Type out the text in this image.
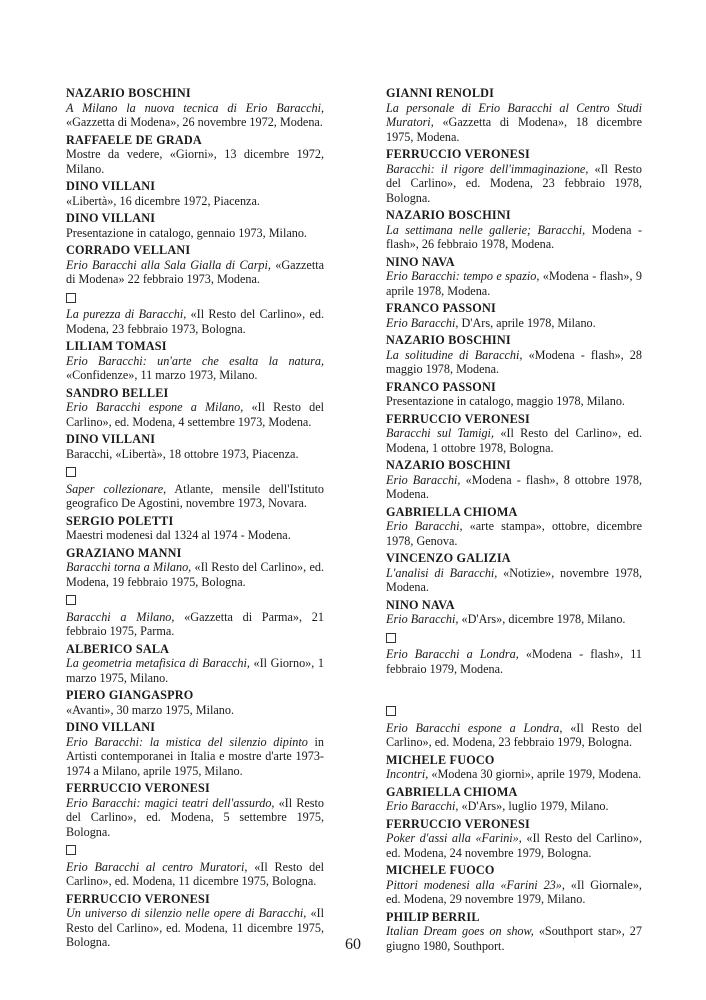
NAZARIO BOSCHINI
A Milano la nuova tecnica di Erio Baracchi, «Gazzetta di Modena», 26 novembre 1972, Modena.
RAFFAELE DE GRADA
Mostre da vedere, «Giorni», 13 dicembre 1972, Milano.
DINO VILLANI
«Libertà», 16 dicembre 1972, Piacenza.
DINO VILLANI
Presentazione in catalogo, gennaio 1973, Milano.
CORRADO VELLANI
Erio Baracchi alla Sala Gialla di Carpi, «Gazzetta di Modena» 22 febbraio 1973, Modena.
La purezza di Baracchi, «Il Resto del Carlino», ed. Modena, 23 febbraio 1973, Bologna.
LILIAM TOMASI
Erio Baracchi: un'arte che esalta la natura, «Confidenze», 11 marzo 1973, Milano.
SANDRO BELLEI
Erio Baracchi espone a Milano, «Il Resto del Carlino», ed. Modena, 4 settembre 1973, Modena.
DINO VILLANI
Baracchi, «Libertà», 18 ottobre 1973, Piacenza.
Saper collezionare, Atlante, mensile dell'Istituto geografico De Agostini, novembre 1973, Novara.
SERGIO POLETTI
Maestri modenesi dal 1324 al 1974 - Modena.
GRAZIANO MANNI
Baracchi torna a Milano, «Il Resto del Carlino», ed. Modena, 19 febbraio 1975, Bologna.
Baracchi a Milano, «Gazzetta di Parma», 21 febbraio 1975, Parma.
ALBERICO SALA
La geometria metafisica di Baracchi, «Il Giorno», 1 marzo 1975, Milano.
PIERO GIANGASPRO
«Avanti», 30 marzo 1975, Milano.
DINO VILLANI
Erio Baracchi: la mistica del silenzio dipinto in Artisti contemporanei in Italia e mostre d'arte 1973-1974 a Milano, aprile 1975, Milano.
FERRUCCIO VERONESI
Erio Baracchi: magici teatri dell'assurdo, «Il Resto del Carlino», ed. Modena, 5 settembre 1975, Bologna.
Erio Baracchi al centro Muratori, «Il Resto del Carlino», ed. Modena, 11 dicembre 1975, Bologna.
FERRUCCIO VERONESI
Un universo di silenzio nelle opere di Baracchi, «Il Resto del Carlino», ed. Modena, 11 dicembre 1975, Bologna.
GIANNI RENOLDI
La personale di Erio Baracchi al Centro Studi Muratori, «Gazzetta di Modena», 18 dicembre 1975, Modena.
FERRUCCIO VERONESI
Baracchi: il rigore dell'immaginazione, «Il Resto del Carlino», ed. Modena, 23 febbraio 1978, Bologna.
NAZARIO BOSCHINI
La settimana nelle gallerie; Baracchi, Modena - flash», 26 febbraio 1978, Modena.
NINO NAVA
Erio Baracchi: tempo e spazio, «Modena - flash», 9 aprile 1978, Modena.
FRANCO PASSONI
Erio Baracchi, D'Ars, aprile 1978, Milano.
NAZARIO BOSCHINI
La solitudine di Baracchi, «Modena - flash», 28 maggio 1978, Modena.
FRANCO PASSONI
Presentazione in catalogo, maggio 1978, Milano.
FERRUCCIO VERONESI
Baracchi sul Tamigi, «Il Resto del Carlino», ed. Modena, 1 ottobre 1978, Bologna.
NAZARIO BOSCHINI
Erio Baracchi, «Modena - flash», 8 ottobre 1978, Modena.
GABRIELLA CHIOMA
Erio Baracchi, «arte stampa», ottobre, dicembre 1978, Genova.
VINCENZO GALIZIA
L'analisi di Baracchi, «Notizie», novembre 1978, Modena.
NINO NAVA
Erio Baracchi, «D'Ars», dicembre 1978, Milano.
Erio Baracchi a Londra, «Modena - flash», 11 febbraio 1979, Modena.
Erio Baracchi espone a Londra, «Il Resto del Carlino», ed. Modena, 23 febbraio 1979, Bologna.
MICHELE FUOCO
Incontri, «Modena 30 giorni», aprile 1979, Modena.
GABRIELLA CHIOMA
Erio Baracchi, «D'Ars», luglio 1979, Milano.
FERRUCCIO VERONESI
Poker d'assi alla «Farini», «Il Resto del Carlino», ed. Modena, 24 novembre 1979, Bologna.
MICHELE FUOCO
Pittori modenesi alla «Farini 23», «Il Giornale», ed. Modena, 29 novembre 1979, Milano.
PHILIP BERRIL
Italian Dream goes on show, «Southport star», 27 giugno 1980, Southport.
60
